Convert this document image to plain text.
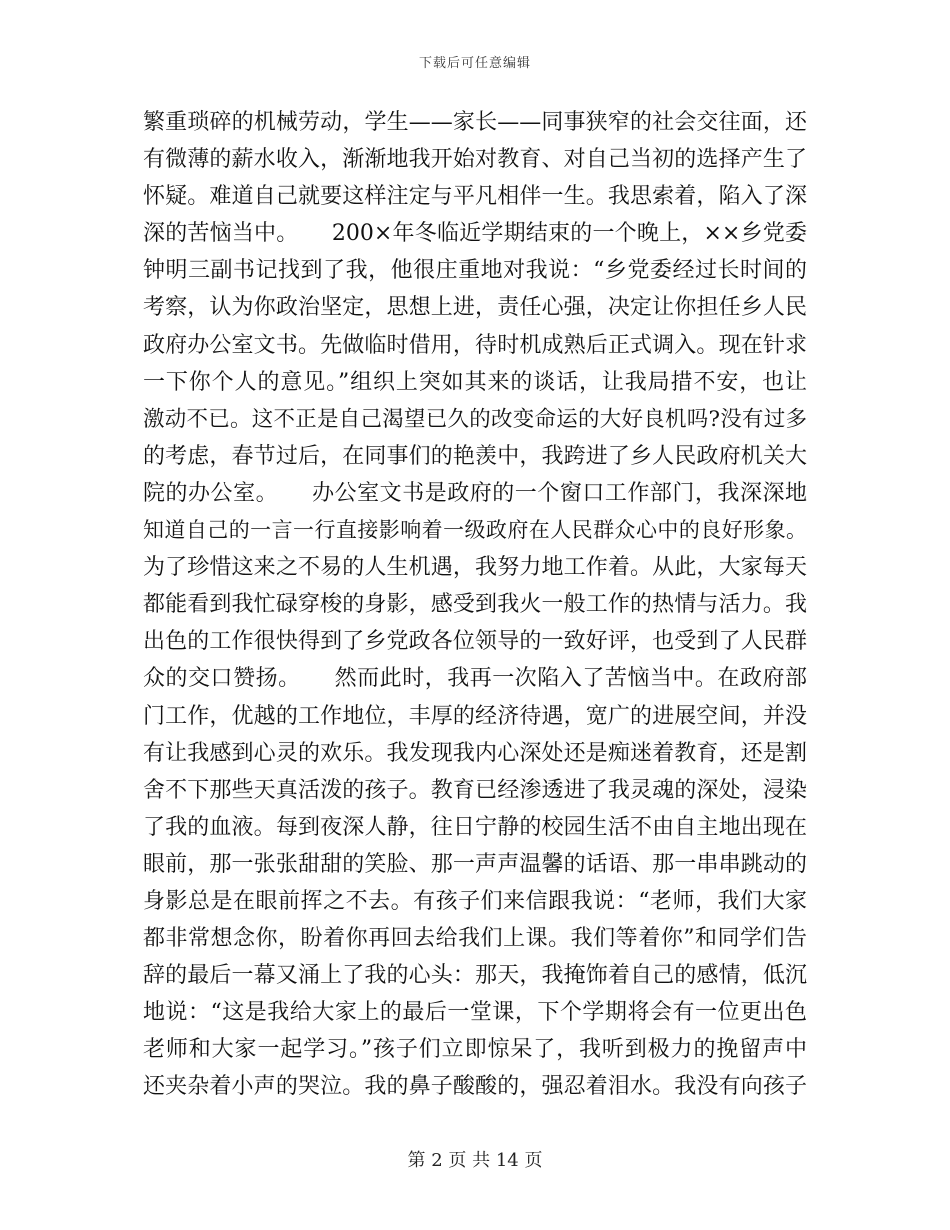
下载后可任意编辑
繁重琐碎的机械劳动，学生——家长——同事狭窄的社会交往面，还
有微薄的薪水收入，渐渐地我开始对教育、对自己当初的选择产生了
怀疑。难道自己就要这样注定与平凡相伴一生。我思索着，陷入了深
深的苦恼当中。　　200×年冬临近学期结束的一个晚上，××乡党委
钟明三副书记找到了我，他很庄重地对我说：“乡党委经过长时间的
考察，认为你政治坚定，思想上进，责任心强，决定让你担任乡人民
政府办公室文书。先做临时借用，待时机成熟后正式调入。现在针求
一下你个人的意见。”组织上突如其来的谈话，让我局措不安，也让
激动不已。这不正是自己渴望已久的改变命运的大好良机吗?没有过多
的考虑，春节过后，在同事们的艳羡中，我跨进了乡人民政府机关大
院的办公室。　　办公室文书是政府的一个窗口工作部门，我深深地
知道自己的一言一行直接影响着一级政府在人民群众心中的良好形象。
为了珍惜这来之不易的人生机遇，我努力地工作着。从此，大家每天
都能看到我忙碌穿梭的身影，感受到我火一般工作的热情与活力。我
出色的工作很快得到了乡党政各位领导的一致好评，也受到了人民群
众的交口赞扬。　　然而此时，我再一次陷入了苦恼当中。在政府部
门工作，优越的工作地位，丰厚的经济待遇，宽广的进展空间，并没
有让我感到心灵的欢乐。我发现我内心深处还是痴迷着教育，还是割
舍不下那些天真活泼的孩子。教育已经渗透进了我灵魂的深处，浸染
了我的血液。每到夜深人静，往日宁静的校园生活不由自主地出现在
眼前，那一张张甜甜的笑脸、那一声声温馨的话语、那一串串跳动的
身影总是在眼前挥之不去。有孩子们来信跟我说：“老师，我们大家
都非常想念你，盼着你再回去给我们上课。我们等着你”和同学们告
辞的最后一幕又涌上了我的心头：那天，我掩饰着自己的感情，低沉
地说：“这是我给大家上的最后一堂课，下个学期将会有一位更出色
老师和大家一起学习。”孩子们立即惊呆了，我听到极力的挽留声中
还夹杂着小声的哭泣。我的鼻子酸酸的，强忍着泪水。我没有向孩子
第 2 页 共 14 页
